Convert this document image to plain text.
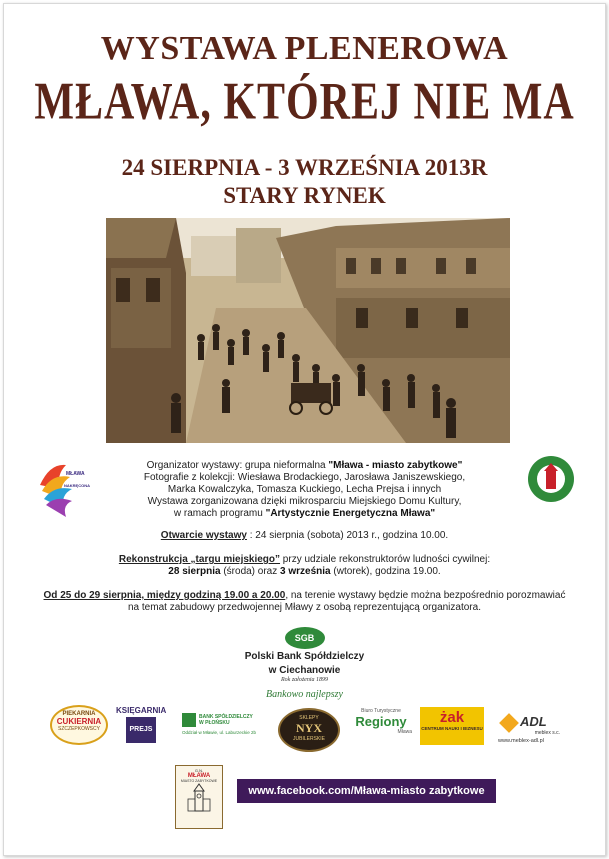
WYSTAWA PLENEROWA
MŁAWA, KTÓREJ NIE MA
24 SIERPNIA - 3 WRZEŚNIA 2013R
STARY RYNEK
MŁAWA
NAKRĘCONA
Organizator wystawy: grupa nieformalna "Mława - miasto zabytkowe"
Fotografie z kolekcji: Wiesława Brodackiego, Jarosława Janiszewskiego,
Marka Kowalczyka, Tomasza Kuckiego, Lecha Prejsa i innych
Wystawa zorganizowana dzięki mikrosparciu Miejskiego Domu Kultury,
w ramach programu "Artystycznie Energetyczna Mława"
Otwarcie wystawy : 24 sierpnia (sobota) 2013 r., godzina 10.00.
Rekonstrukcja „targu miejskiego” przy udziale rekonstruktorów ludności cywilnej:
28 sierpnia (środa) oraz 3 września (wtorek), godzina 19.00.
Od 25 do 29 sierpnia, między godziną 19.00 a 20.00, na terenie wystawy będzie można bezpośrednio porozmawiać
na temat zabudowy przedwojennej Mławy z osobą reprezentującą organizatora.
SGB
Polski Bank Spółdzielczy
w Ciechanowie
Rok założenia 1899
Bankowo najlepszy
PIEKARNIA
CUKIERNIA
SZCZEPKOWSCY
KSIĘGARNIA
PREJS
BANK SPÓŁDZIELCZY
W PŁOŃSKU
Oddział w Mławie, ul. Laburzeckie 2b
SKLEPY
NYX
JUBILERSKIE
Biuro Turystyczne
Regiony
Mława
żak
CENTRUM NAUKI I BIZNESU	ADL
meblex s.c.
www.meblex-adl.pl
G.N.
MŁAWA
MIASTO ZABYTKOWE
www.facebook.com/Mława-miasto zabytkowe
